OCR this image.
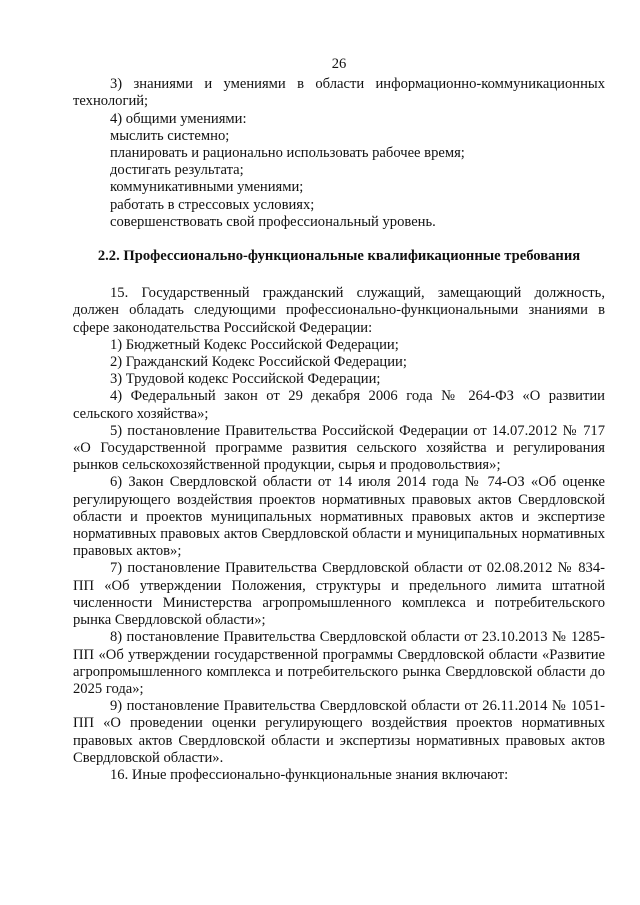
26

3) знаниями и умениями в области информационно-коммуникационных

технологий;

4) общими умениями:

мыслить системно;

планировать и рационально использовать рабочее время;

достигать результата;

коммуникативными умениями;

работать в стрессовых условиях;

совершенствовать свой профессиональный уровень.

2.2. Профессионально-функциональные квалификационные требования

15. Государственный гражданский служащий, замещающий должность, должен обладать следующими профессионально-функциональными знаниями в сфере законодательства Российской Федерации:

1) Бюджетный Кодекс Российской Федерации;

2) Гражданский Кодекс Российской Федерации;

3) Трудовой кодекс Российской Федерации;

4) Федеральный закон от 29 декабря 2006 года № 264-ФЗ «О развитии сельского хозяйства»;

5) постановление Правительства Российской Федерации от 14.07.2012 № 717 «О Государственной программе развития сельского хозяйства и регулирования рынков сельскохозяйственной продукции, сырья и продовольствия»;

6) Закон Свердловской области от 14 июля 2014 года № 74-ОЗ «Об оценке регулирующего воздействия проектов нормативных правовых актов Свердловской области и проектов муниципальных нормативных правовых актов и экспертизе нормативных правовых актов Свердловской области и муниципальных нормативных правовых актов»;

7) постановление Правительства Свердловской области от 02.08.2012 № 834-ПП «Об утверждении Положения, структуры и предельного лимита штатной численности Министерства агропромышленного комплекса и потребительского рынка Свердловской области»;

8) постановление Правительства Свердловской области от 23.10.2013 № 1285-ПП «Об утверждении государственной программы Свердловской области «Развитие агропромышленного комплекса и потребительского рынка Свердловской области до 2025 года»;

9) постановление Правительства Свердловской области от 26.11.2014 № 1051-ПП «О проведении оценки регулирующего воздействия проектов нормативных правовых актов Свердловской области и экспертизы нормативных правовых актов Свердловской области».

16. Иные профессионально-функциональные знания включают:
